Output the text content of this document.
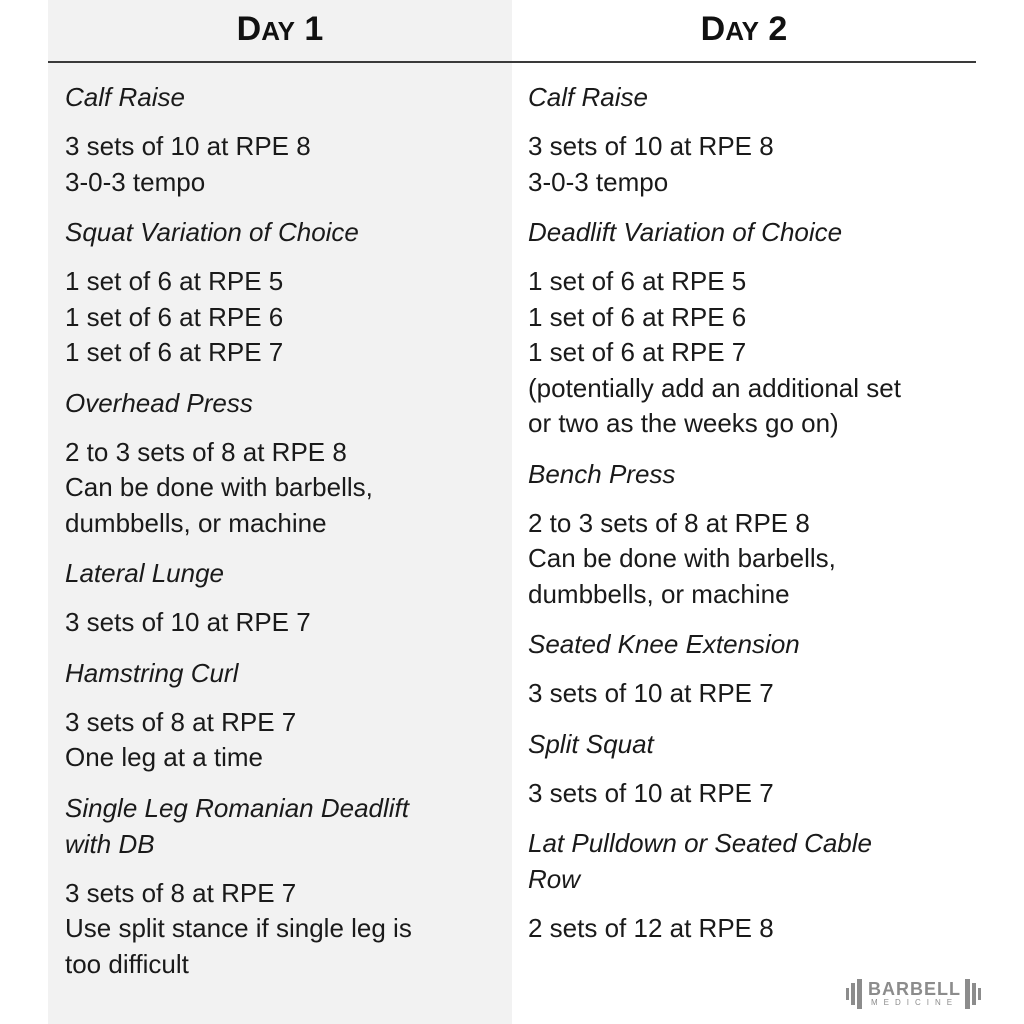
DAY 1	DAY 2
Calf Raise
3 sets of 10 at RPE 8
3-0-3 tempo
Squat Variation of Choice
1 set of 6 at RPE 5
1 set of 6 at RPE 6
1 set of 6 at RPE 7
Overhead Press
2 to 3 sets of 8 at RPE 8
Can be done with barbells,
dumbbells, or machine
Lateral Lunge
3 sets of 10 at RPE 7
Hamstring Curl
3 sets of 8 at RPE 7
One leg at a time
Single Leg Romanian Deadlift
with DB
3 sets of 8 at RPE 7
Use split stance if single leg is
too difficult
Calf Raise
3 sets of 10 at RPE 8
3-0-3 tempo
Deadlift Variation of Choice
1 set of 6 at RPE 5
1 set of 6 at RPE 6
1 set of 6 at RPE 7
(potentially add an additional set
or two as the weeks go on)
Bench Press
2 to 3 sets of 8 at RPE 8
Can be done with barbells,
dumbbells, or machine
Seated Knee Extension
3 sets of 10 at RPE 7
Split Squat
3 sets of 10 at RPE 7
Lat Pulldown or Seated Cable
Row
2 sets of 12 at RPE 8
BARBELL
MEDICINE
